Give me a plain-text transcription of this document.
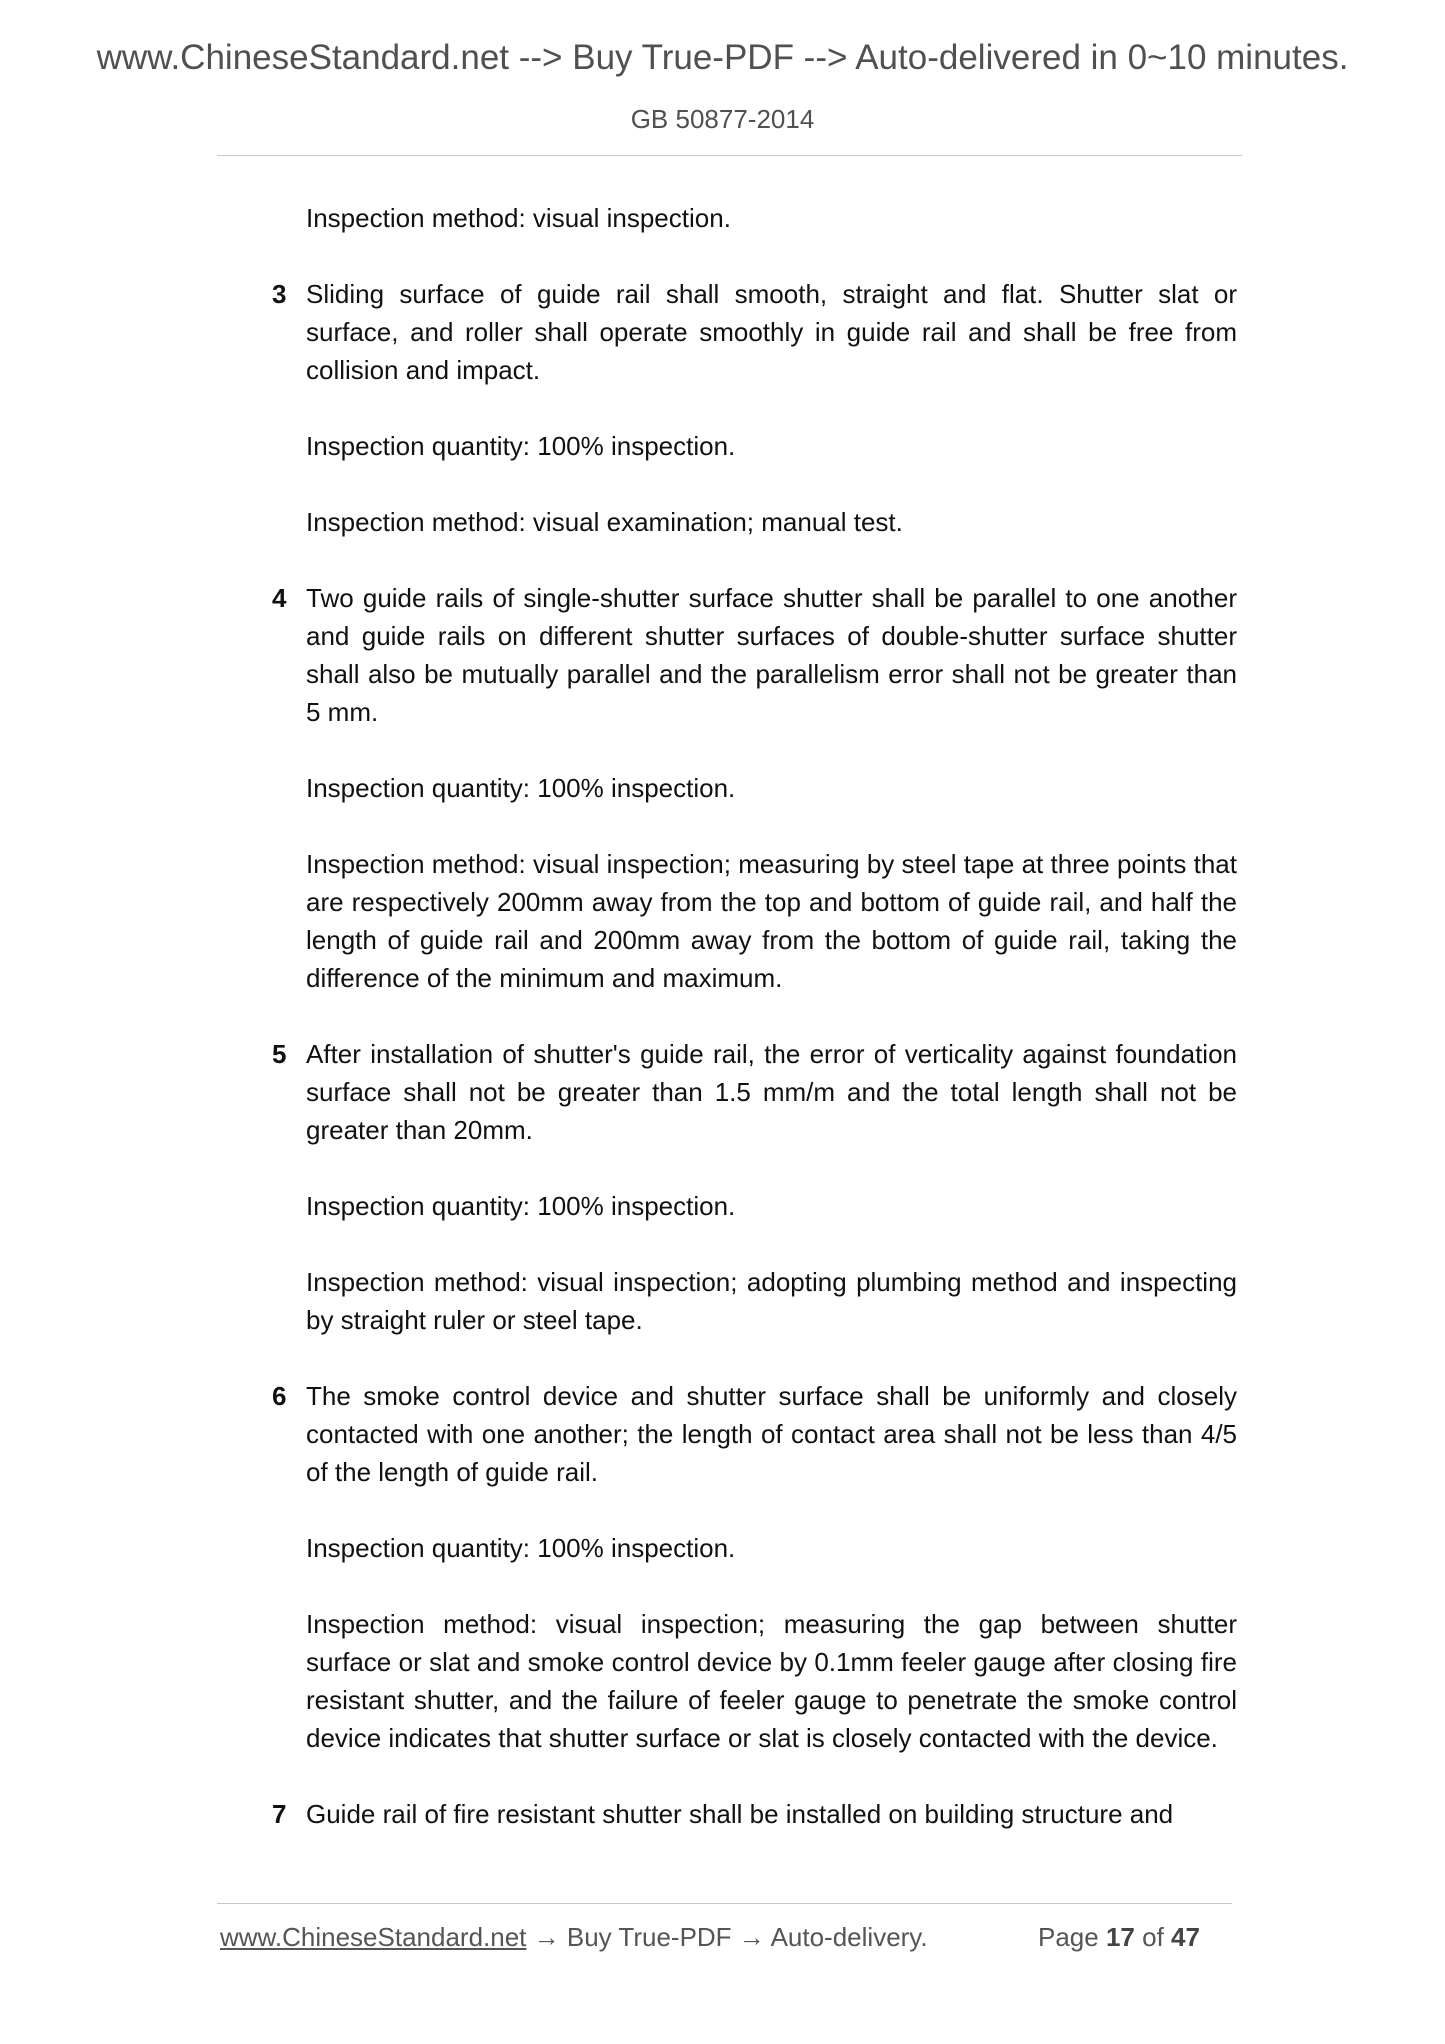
www.ChineseStandard.net --> Buy True-PDF --> Auto-delivered in 0~10 minutes.
GB 50877-2014

Inspection method: visual inspection.

3 Sliding surface of guide rail shall smooth, straight and flat. Shutter slat or surface, and roller shall operate smoothly in guide rail and shall be free from collision and impact.
Inspection quantity: 100% inspection.
Inspection method: visual examination; manual test.
4 Two guide rails of single-shutter surface shutter shall be parallel to one another and guide rails on different shutter surfaces of double-shutter surface shutter shall also be mutually parallel and the parallelism error shall not be greater than 5 mm.
Inspection quantity: 100% inspection.
Inspection method: visual inspection; measuring by steel tape at three points that are respectively 200mm away from the top and bottom of guide rail, and half the length of guide rail and 200mm away from the bottom of guide rail, taking the difference of the minimum and maximum.
5 After installation of shutter's guide rail, the error of verticality against foundation surface shall not be greater than 1.5 mm/m and the total length shall not be greater than 20mm.
Inspection quantity: 100% inspection.
Inspection method: visual inspection; adopting plumbing method and inspecting by straight ruler or steel tape.
6 The smoke control device and shutter surface shall be uniformly and closely contacted with one another; the length of contact area shall not be less than 4/5 of the length of guide rail.
Inspection quantity: 100% inspection.
Inspection method: visual inspection; measuring the gap between shutter surface or slat and smoke control device by 0.1mm feeler gauge after closing fire resistant shutter, and the failure of feeler gauge to penetrate the smoke control device indicates that shutter surface or slat is closely contacted with the device.
7 Guide rail of fire resistant shutter shall be installed on building structure and
www.ChineseStandard.net → Buy True-PDF → Auto-delivery.	Page 17 of 47
